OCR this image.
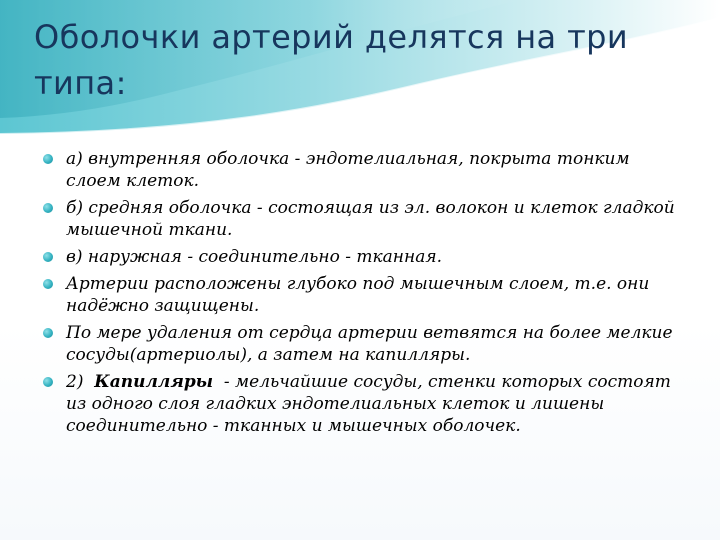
Оболочки артерий делятся на три типа:
а) внутренняя оболочка - эндотелиальная, покрыта тонким слоем клеток.
б) средняя оболочка - состоящая из эл. волокон и клеток гладкой мышечной ткани.
в) наружная - соединительно - тканная.
Артерии расположены глубоко под мышечным слоем, т.е. они надёжно защищены.
По мере удаления от сердца артерии ветвятся на более мелкие сосуды(артериолы), а затем на капилляры.
2)  Капилляры  - мельчайшие сосуды, стенки которых состоят из одного слоя гладких эндотелиальных клеток и лишены соединительно - тканных и мышечных оболочек.
